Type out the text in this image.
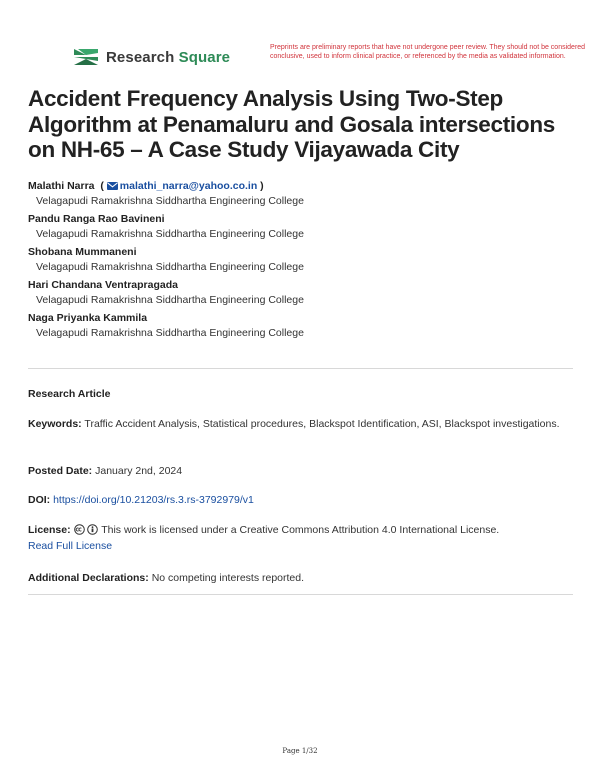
Research Square
Preprints are preliminary reports that have not undergone peer review. They should not be considered conclusive, used to inform clinical practice, or referenced by the media as validated information.
Accident Frequency Analysis Using Two-Step Algorithm at Penamaluru and Gosala intersections on NH-65 – A Case Study Vijayawada City
Malathi Narra  ( malathi_narra@yahoo.co.in )
Velagapudi Ramakrishna Siddhartha Engineering College
Pandu Ranga Rao Bavineni
Velagapudi Ramakrishna Siddhartha Engineering College
Shobana Mummaneni
Velagapudi Ramakrishna Siddhartha Engineering College
Hari Chandana Ventrapragada
Velagapudi Ramakrishna Siddhartha Engineering College
Naga Priyanka Kammila
Velagapudi Ramakrishna Siddhartha Engineering College
Research Article
Keywords: Traffic Accident Analysis, Statistical procedures, Blackspot Identification, ASI, Blackspot investigations.
Posted Date: January 2nd, 2024
DOI: https://doi.org/10.21203/rs.3.rs-3792979/v1
License:	This work is licensed under a Creative Commons Attribution 4.0 International License.
Read Full License
Additional Declarations: No competing interests reported.
Page 1/32
